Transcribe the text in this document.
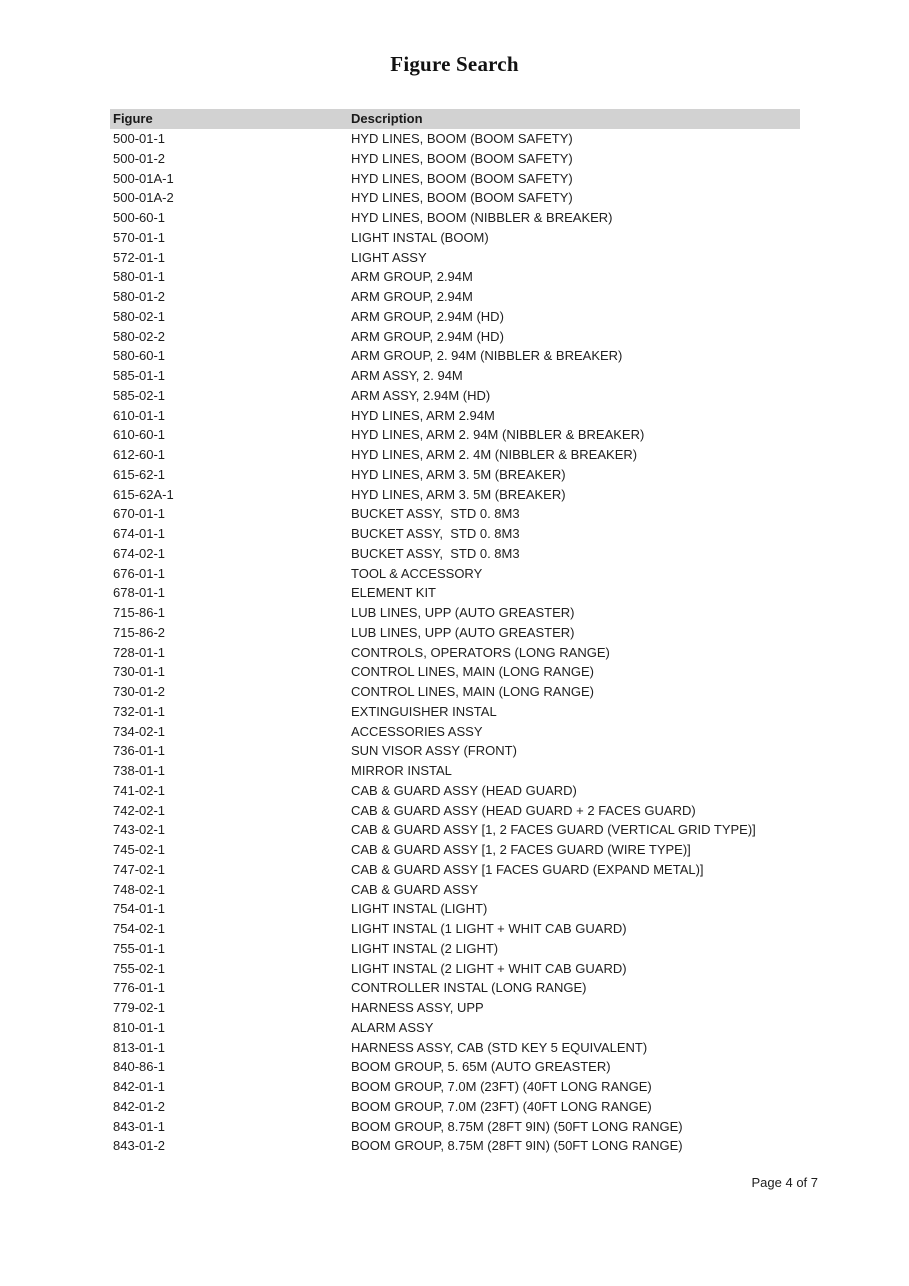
Figure Search
Figure	Description
500-01-1	HYD LINES, BOOM (BOOM SAFETY)
500-01-2	HYD LINES, BOOM (BOOM SAFETY)
500-01A-1	HYD LINES, BOOM (BOOM SAFETY)
500-01A-2	HYD LINES, BOOM (BOOM SAFETY)
500-60-1	HYD LINES, BOOM (NIBBLER & BREAKER)
570-01-1	LIGHT INSTAL (BOOM)
572-01-1	LIGHT ASSY
580-01-1	ARM GROUP, 2.94M
580-01-2	ARM GROUP, 2.94M
580-02-1	ARM GROUP, 2.94M (HD)
580-02-2	ARM GROUP, 2.94M (HD)
580-60-1	ARM GROUP, 2. 94M (NIBBLER & BREAKER)
585-01-1	ARM ASSY, 2. 94M
585-02-1	ARM ASSY, 2.94M (HD)
610-01-1	HYD LINES, ARM 2.94M
610-60-1	HYD LINES, ARM 2. 94M (NIBBLER & BREAKER)
612-60-1	HYD LINES, ARM 2. 4M (NIBBLER & BREAKER)
615-62-1	HYD LINES, ARM 3. 5M (BREAKER)
615-62A-1	HYD LINES, ARM 3. 5M (BREAKER)
670-01-1	BUCKET ASSY,  STD 0. 8M3
674-01-1	BUCKET ASSY,  STD 0. 8M3
674-02-1	BUCKET ASSY,  STD 0. 8M3
676-01-1	TOOL & ACCESSORY
678-01-1	ELEMENT KIT
715-86-1	LUB LINES, UPP (AUTO GREASTER)
715-86-2	LUB LINES, UPP (AUTO GREASTER)
728-01-1	CONTROLS, OPERATORS (LONG RANGE)
730-01-1	CONTROL LINES, MAIN (LONG RANGE)
730-01-2	CONTROL LINES, MAIN (LONG RANGE)
732-01-1	EXTINGUISHER INSTAL
734-02-1	ACCESSORIES ASSY
736-01-1	SUN VISOR ASSY (FRONT)
738-01-1	MIRROR INSTAL
741-02-1	CAB & GUARD ASSY (HEAD GUARD)
742-02-1	CAB & GUARD ASSY (HEAD GUARD + 2 FACES GUARD)
743-02-1	CAB & GUARD ASSY [1, 2 FACES GUARD (VERTICAL GRID TYPE)]
745-02-1	CAB & GUARD ASSY [1, 2 FACES GUARD (WIRE TYPE)]
747-02-1	CAB & GUARD ASSY [1 FACES GUARD (EXPAND METAL)]
748-02-1	CAB & GUARD ASSY
754-01-1	LIGHT INSTAL (LIGHT)
754-02-1	LIGHT INSTAL (1 LIGHT + WHIT CAB GUARD)
755-01-1	LIGHT INSTAL (2 LIGHT)
755-02-1	LIGHT INSTAL (2 LIGHT + WHIT CAB GUARD)
776-01-1	CONTROLLER INSTAL (LONG RANGE)
779-02-1	HARNESS ASSY, UPP
810-01-1	ALARM ASSY
813-01-1	HARNESS ASSY, CAB (STD KEY 5 EQUIVALENT)
840-86-1	BOOM GROUP, 5. 65M (AUTO GREASTER)
842-01-1	BOOM GROUP, 7.0M (23FT) (40FT LONG RANGE)
842-01-2	BOOM GROUP, 7.0M (23FT) (40FT LONG RANGE)
843-01-1	BOOM GROUP, 8.75M (28FT 9IN) (50FT LONG RANGE)
843-01-2	BOOM GROUP, 8.75M (28FT 9IN) (50FT LONG RANGE)
Page 4 of 7
